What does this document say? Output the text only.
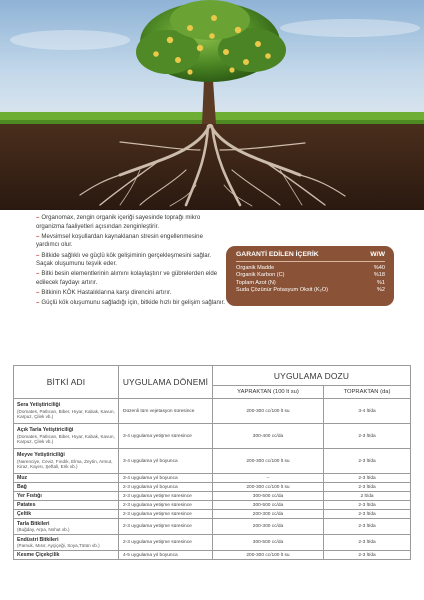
– Organomax, zengin organik içeriği sayesinde toprağı mikro organizma faaliyetleri açısından zenginleştirir.

– Mevsimsel koşullardan kaynaklanan stresin engellenmesine yardımcı olur.

– Bitkide sağlıklı ve güçlü kök gelişiminin gerçekleşmesini sağlar. Saçak oluşumunu teşvik eder.

– Bitki besin elementlerinin alımını kolaylaştırır ve gübrelerden elde edilecek faydayı artırır.

– Bitkinin KÖK Hastalıklarına karşı direncini artırır.

– Güçlü kök oluşumunu sağladığı için, bitkide hızlı bir gelişim sağlanır.

GARANTİ EDİLEN İÇERİK	W/W
Organik Madde	%40
Organik Karbon (C)	%18
Toplam Azot (N)	%1
Suda Çözünür Potasyum Oksit (K₂O)	%2
BİTKİ ADI	UYGULAMA DÖNEMİ	UYGULAMA DOZU	
		YAPRAKTAN (100 lt su)	TOPRAKTAN (da)

Sera Yetiştiriciliği
(Domates, Patlıcan, Biber, Hıyar, Kabak, Kavun, Karpuz, Çilek vb.)	Düzenli tüm vejetasyon süresince	200-300 cc/100 lt su	3-4 lt/da

Açık Tarla Yetiştiriciliği
(Domates, Patlıcan, Biber, Hıyar, Kabak, Kavun, Karpuz, Çilek vb.)	3-4 uygulama yetişme süresince	300-400 cc/da	2-3 lt/da

Meyve Yetiştiriciliği
(Narenciye, Ceviz, Fındık, Elma, Zeytin, Armut, Kiraz, Kayısı, Şeftali, Erik vb.)	3-4 uygulama yıl boyunca	200-300 cc/100 lt su	2-3 lt/da

Muz	3-4 uygulama yıl boyunca	–	2-3 lt/da

Bağ	2-3 uygulama yıl boyunca	200-300 cc/100 lt su	2-3 lt/da

Yer Fıstığı	2-3 uygulama yetişme süresince	300-500 cc/da	2 lt/da

Patates	2-3 uygulama yetişme süresince	300-500 cc/da	2-3 lt/da

Çeltik	2-3 uygulama yetişme süresince	200-300 cc/da	2-3 lt/da

Tarla Bitkileri
(Buğday, Arpa, Nohut vb.)	2-3 uygulama yetişme süresince	200-300 cc/da	2-3 lt/da

Endüstri Bitkileri
(Pamuk, Mısır, Ayçiçeği, Soya,Tütün vb.)	2-3 uygulama yetişme süresince	300-500 cc/da	2-3 lt/da

Kesme Çiçekçilik	4-5 uygulama yıl boyunca	200-300 cc/100 lt su	2-3 lt/da
